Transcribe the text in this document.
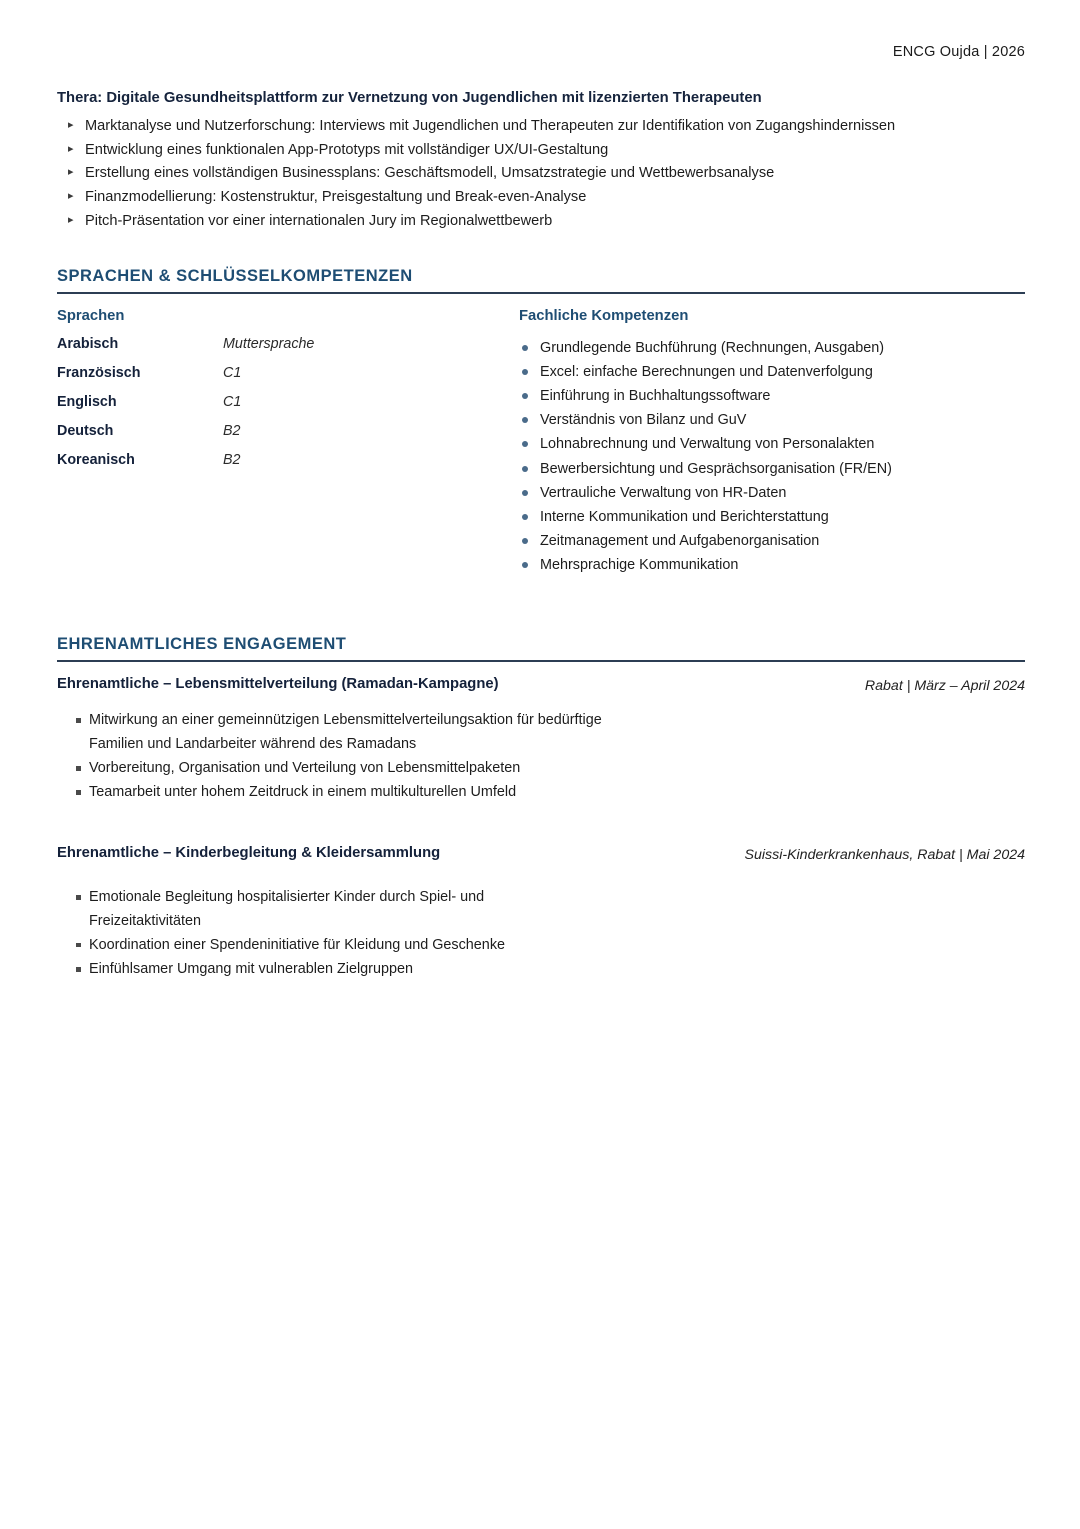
ENCG Oujda | 2026
Thera: Digitale Gesundheitsplattform zur Vernetzung von Jugendlichen mit lizenzierten Therapeuten
▸ Marktanalyse und Nutzerforschung: Interviews mit Jugendlichen und Therapeuten zur Identifikation von Zugangshindernissen
▸ Entwicklung eines funktionalen App-Prototyps mit vollständiger UX/UI-Gestaltung
▸ Erstellung eines vollständigen Businessplans: Geschäftsmodell, Umsatzstrategie und Wettbewerbsanalyse
▸ Finanzmodellierung: Kostenstruktur, Preisgestaltung und Break-even-Analyse
▸ Pitch-Präsentation vor einer internationalen Jury im Regionalwettbewerb
SPRACHEN & SCHLÜSSELKOMPETENZEN
Sprachen
Arabisch	Muttersprache
Französisch	C1
Englisch	C1
Deutsch	B2
Koreanisch	B2
Fachliche Kompetenzen
Grundlegende Buchführung (Rechnungen, Ausgaben)
Excel: einfache Berechnungen und Datenverfolgung
Einführung in Buchhaltungssoftware
Verständnis von Bilanz und GuV
Lohnabrechnung und Verwaltung von Personalakten
Bewerbersichtung und Gesprächsorganisation (FR/EN)
Vertrauliche Verwaltung von HR-Daten
Interne Kommunikation und Berichterstattung
Zeitmanagement und Aufgabenorganisation
Mehrsprachige Kommunikation
EHRENAMTLICHES ENGAGEMENT
Ehrenamtliche – Lebensmittelverteilung (Ramadan-Kampagne)	Rabat | März – April 2024
Mitwirkung an einer gemeinnützigen Lebensmittelverteilungsaktion für bedürftige Familien und Landarbeiter während des Ramadans
Vorbereitung, Organisation und Verteilung von Lebensmittelpaketen
Teamarbeit unter hohem Zeitdruck in einem multikulturellen Umfeld
Ehrenamtliche – Kinderbegleitung & Kleidersammlung	Suissi-Kinderkrankenhaus, Rabat | Mai 2024
Emotionale Begleitung hospitalisierter Kinder durch Spiel- und Freizeitaktivitäten
Koordination einer Spendeninitiative für Kleidung und Geschenke
Einfühlsamer Umgang mit vulnerablen Zielgruppen
